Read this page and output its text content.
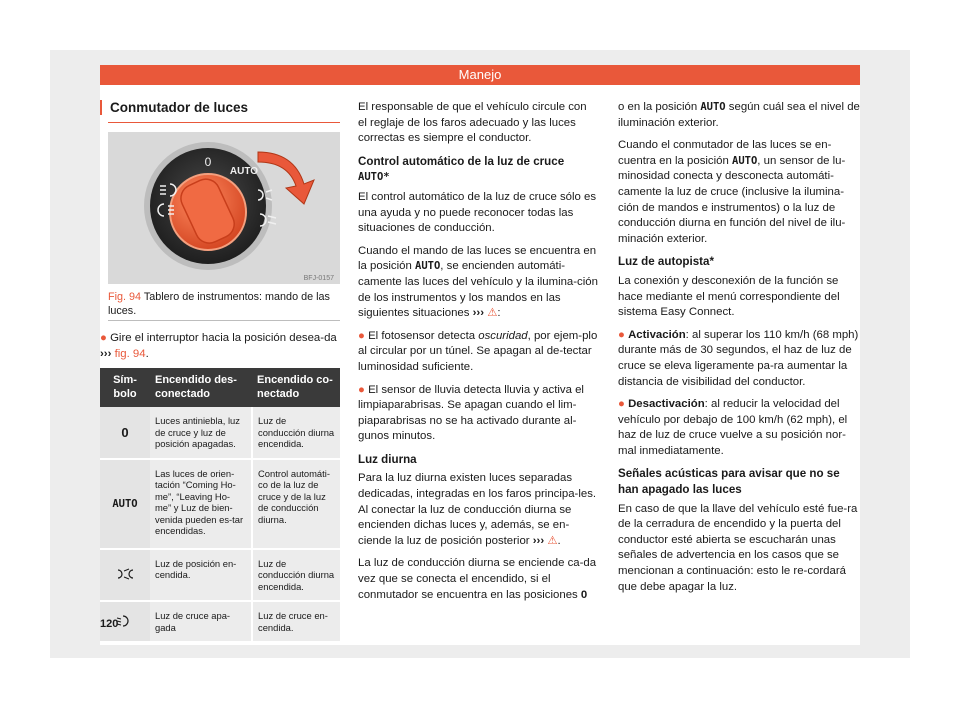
Manejo
Conmutador de luces
0
AUTO
BFJ-0157
Fig. 94 Tablero de instrumentos: mando de las luces.

● Gire el interruptor hacia la posición desea-da ››› fig. 94.

Sím-bolo	Encendido des-conectado	Encendido co-nectado
0	Luces antiniebla, luz de cruce y luz de posición apagadas.	Luz de conducción diurna encendida.
AUTO	Las luces de orien-tación “Coming Ho-me”, “Leaving Ho-me” y Luz de bien-venida pueden es-tar encendidas.	Control automáti-co de la luz de cruce y de la luz de conducción diurna.
	Luz de posición en-cendida.	Luz de conducción diurna encendida.
	Luz de cruce apa-gada	Luz de cruce en-cendida.
120

El responsable de que el vehículo circule con el reglaje de los faros adecuado y las luces correctas es siempre el conductor.

Control automático de la luz de cruce
AUTO*

El control automático de la luz de cruce sólo es una ayuda y no puede reconocer todas las situaciones de conducción.

Cuando el mando de las luces se encuentra en la posición AUTO, se encienden automáti-camente las luces del vehículo y la ilumina-ción de los instrumentos y los mandos en las siguientes situaciones ››› ⚠:

● El fotosensor detecta oscuridad, por ejem-plo al circular por un túnel. Se apagan al de-tectar luminosidad suficiente.

● El sensor de lluvia detecta lluvia y activa el limpiaparabrisas. Se apagan cuando el lim-piaparabrisas no se ha activado durante al-gunos minutos.

Luz diurna

Para la luz diurna existen luces separadas dedicadas, integradas en los faros principa-les. Al conectar la luz de conducción diurna se encienden dichas luces y, además, se en-ciende la luz de posición posterior ››› ⚠.

La luz de conducción diurna se enciende ca-da vez que se conecta el encendido, si el conmutador se encuentra en las posiciones 0

o en la posición AUTO según cuál sea el nivel de iluminación exterior.

Cuando el conmutador de las luces se en-cuentra en la posición AUTO, un sensor de lu-minosidad conecta y desconecta automáti-camente la luz de cruce (inclusive la ilumina-ción de mandos e instrumentos) o la luz de conducción diurna en función del nivel de ilu-minación exterior.

Luz de autopista*

La conexión y desconexión de la función se hace mediante el menú correspondiente del sistema Easy Connect.

● Activación: al superar los 110 km/h (68 mph) durante más de 30 segundos, el haz de luz de cruce se eleva ligeramente pa-ra aumentar la distancia de visibilidad del conductor.

● Desactivación: al reducir la velocidad del vehículo por debajo de 100 km/h (62 mph), el haz de luz de cruce vuelve a su posición nor-mal inmediatamente.

Señales acústicas para avisar que no se han apagado las luces

En caso de que la llave del vehículo esté fue-ra de la cerradura de encendido y la puerta del conductor esté abierta se escucharán unas señales de advertencia en los casos que se mencionan a continuación: esto le re-cordará que debe apagar la luz.
